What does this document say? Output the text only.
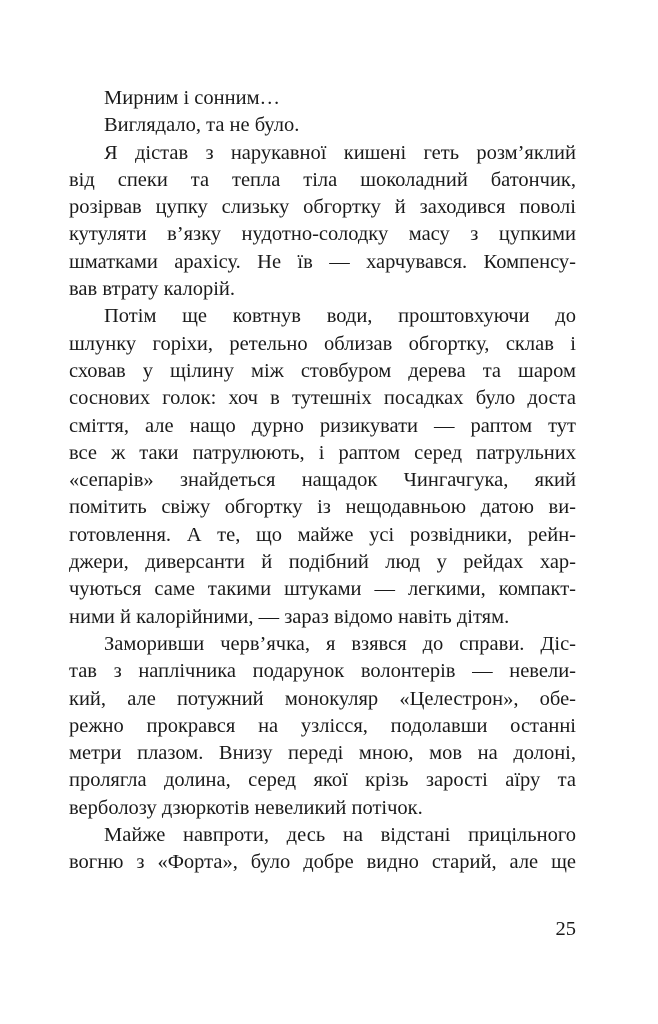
Мирним і сонним…
Виглядало, та не було.
Я дістав з нарукавної кишені геть розм’яклий
від спеки та тепла тіла шоколадний батончик,
розірвав цупку слизьку обгортку й заходився поволі
кутуляти в’язку нудотно-солодку масу з цупкими
шматками арахісу. Не їв — харчувався. Компенсу-
вав втрату калорій.
Потім ще ковтнув води, проштовхуючи до
шлунку горіхи, ретельно облизав обгортку, склав і
сховав у щілину між стовбуром дерева та шаром
соснових голок: хоч в тутешніх посадках було доста
сміття, але нащо дурно ризикувати — раптом тут
все ж таки патрулюють, і раптом серед патрульних
«сепарів» знайдеться нащадок Чингачгука, який
помітить свіжу обгортку із нещодавньою датою ви-
готовлення. А те, що майже усі розвідники, рейн-
джери, диверсанти й подібний люд у рейдах хар-
чуються саме такими штуками — легкими, компакт-
ними й калорійними, — зараз відомо навіть дітям.
Заморивши черв’ячка, я взявся до справи. Діс-
тав з наплічника подарунок волонтерів — невели-
кий, але потужний монокуляр «Целестрон», обе-
режно прокрався на узлісся, подолавши останні
метри плазом. Внизу переді мною, мов на долоні,
пролягла долина, серед якої крізь зарості аїру та
верболозу дзюркотів невеликий потічок.
Майже навпроти, десь на відстані прицільного
вогню з «Форта», було добре видно старий, але ще
25
